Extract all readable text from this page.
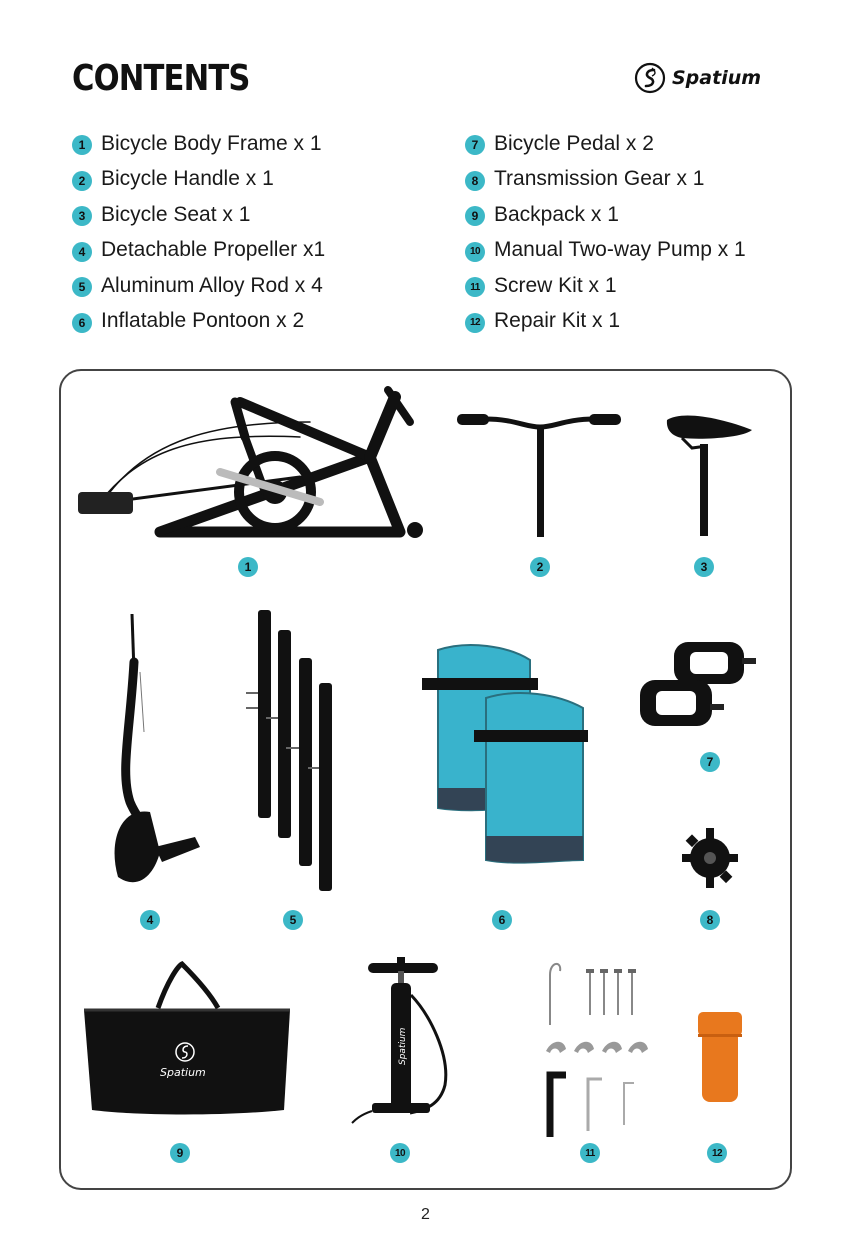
CONTENTS	Spatium
1 Bicycle Body Frame x 1
2 Bicycle Handle x 1
3 Bicycle Seat x 1
4 Detachable Propeller x1
5 Aluminum Alloy Rod x 4
6 Inflatable Pontoon x 2
7 Bicycle Pedal x 2
8 Transmission Gear x 1
9 Backpack x 1
10 Manual Two-way Pump x 1
11 Screw Kit x 1
12 Repair Kit x 1
1	2	3
4	5	6
7
8
Spatium
9
Spatium
10	11	12
2
